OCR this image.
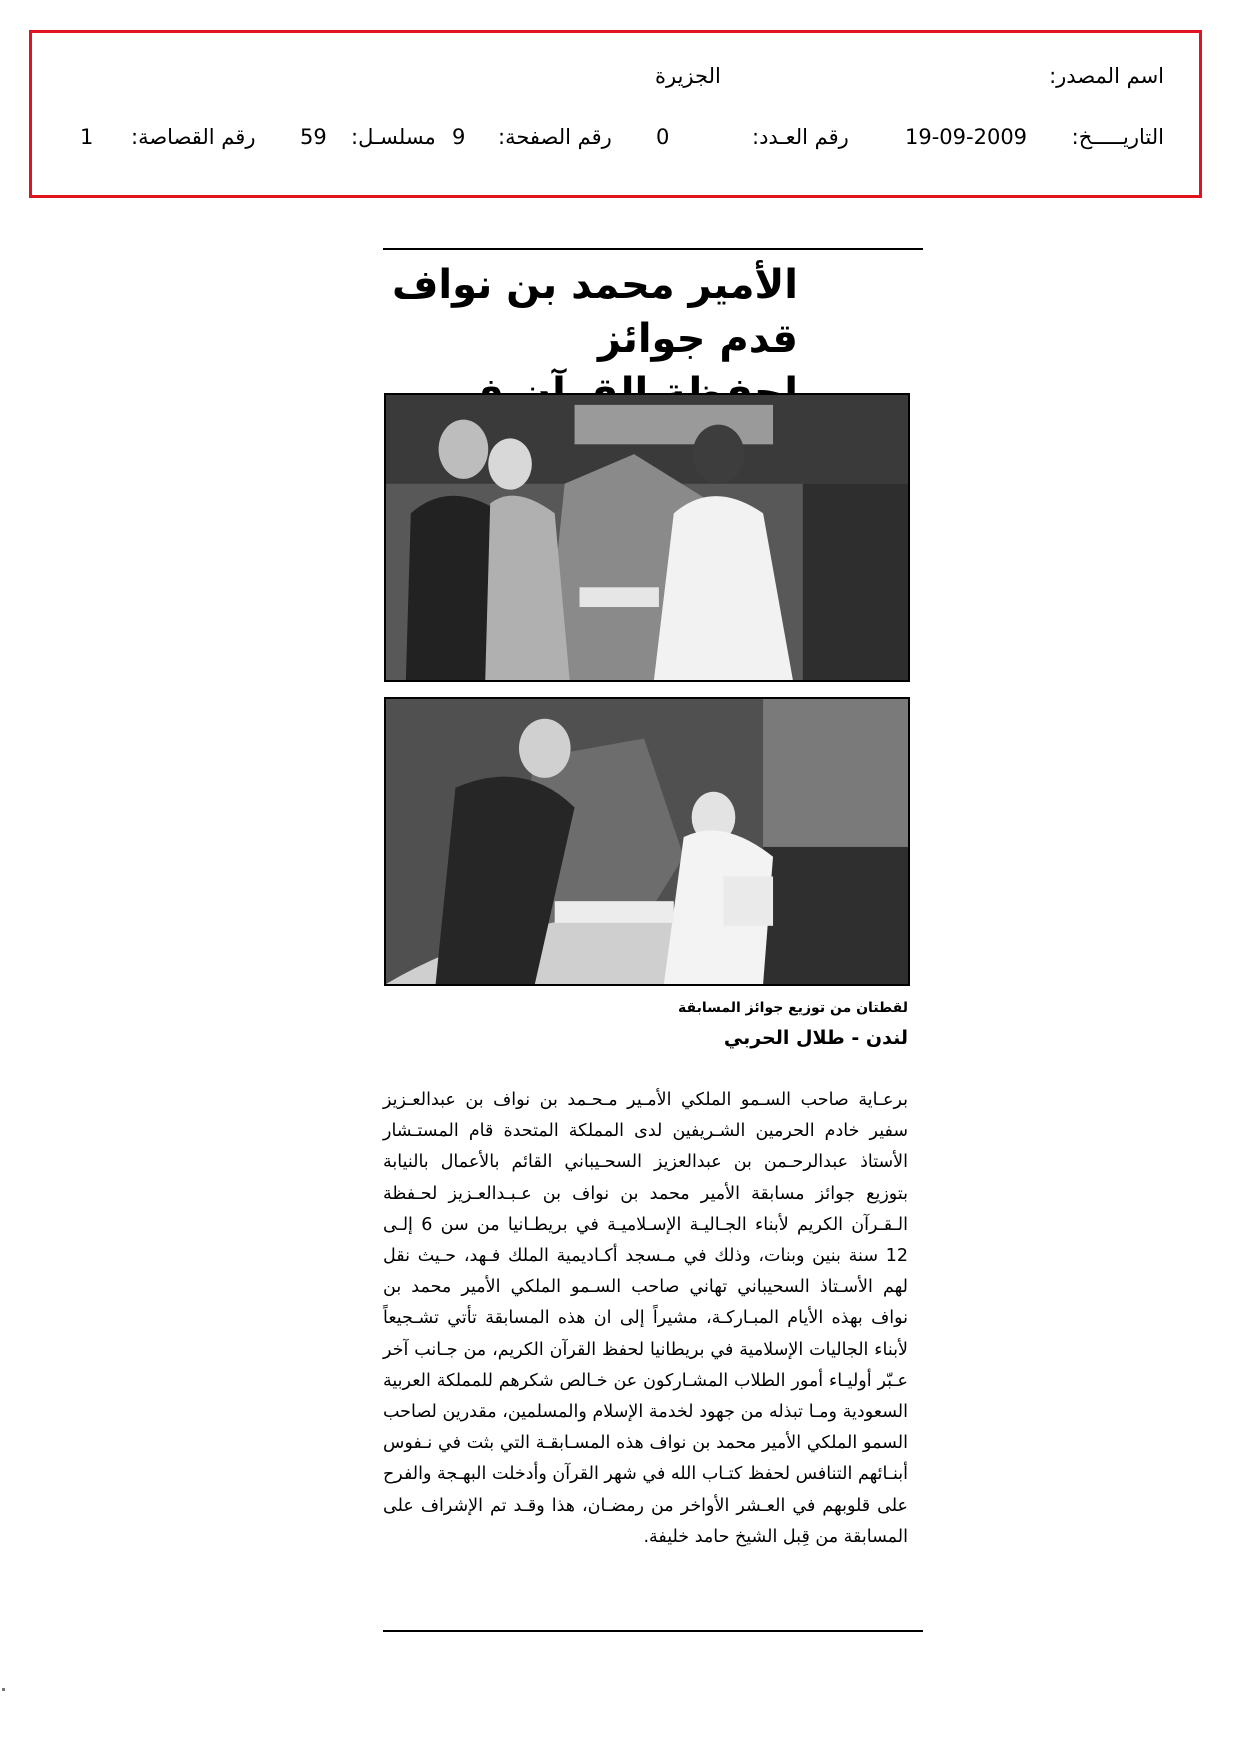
اسم المصدر:
الجزيرة
التاريـــــخ:
19-09-2009
رقم العـدد:
0
رقم الصفحة:
9
مسلسـل:
59
رقم القصاصة:
1
الأمير محمد بن نواف قدم جوائز
لقطتان من توزيع جوائز المسابقة
لندن - طلال الحربي
برعـاية صاحب السـمو الملكي الأمـير مـحـمد بن نواف بن عبدالعـزيز سفير خادم الحرمين الشـريفين لدى المملكة المتحدة قام المستـشار الأستاذ عبدالرحـمن بن عبدالعزيز السحـيباني القائم بالأعمال بالنيابة بتوزيع جوائز مسابقة الأمير محمد بن نواف بن عـبـدالعـزيز لحـفظة الـقـرآن الكريم لأبناء الجـاليـة الإسـلاميـة في بريطـانيا من سن 6 إلـى 12 سنة بنين وبنات، وذلك في مـسجد أكـاديمية الملك فـهد، حـيث نقل لهم الأسـتاذ السحيباني تهاني صاحب السـمو الملكي الأمير محمد بن نواف بهذه الأيام المبـاركـة، مشيراً إلى ان هذه المسابقة تأتي تشـجيعاً لأبناء الجاليات الإسلامية في بريطانيا لحفظ القرآن الكريم، من جـانب آخر عـبّر أوليـاء أمور الطلاب المشـاركون عن خـالص شكرهم للمملكة العربية السعودية ومـا تبذله من جهود لخدمة الإسلام والمسلمين، مقدرين لصاحب السمو الملكي الأمير محمد بن نواف هذه المسـابقـة التي بثت في نـفوس أبنـائهم التنافس لحفظ كتـاب الله في شهر القرآن وأدخلت البهـجة والفرح على قلوبهم في العـشر الأواخر من رمضـان، هذا وقـد تم الإشراف على المسابقة من قِبل الشيخ حامد خليفة.
